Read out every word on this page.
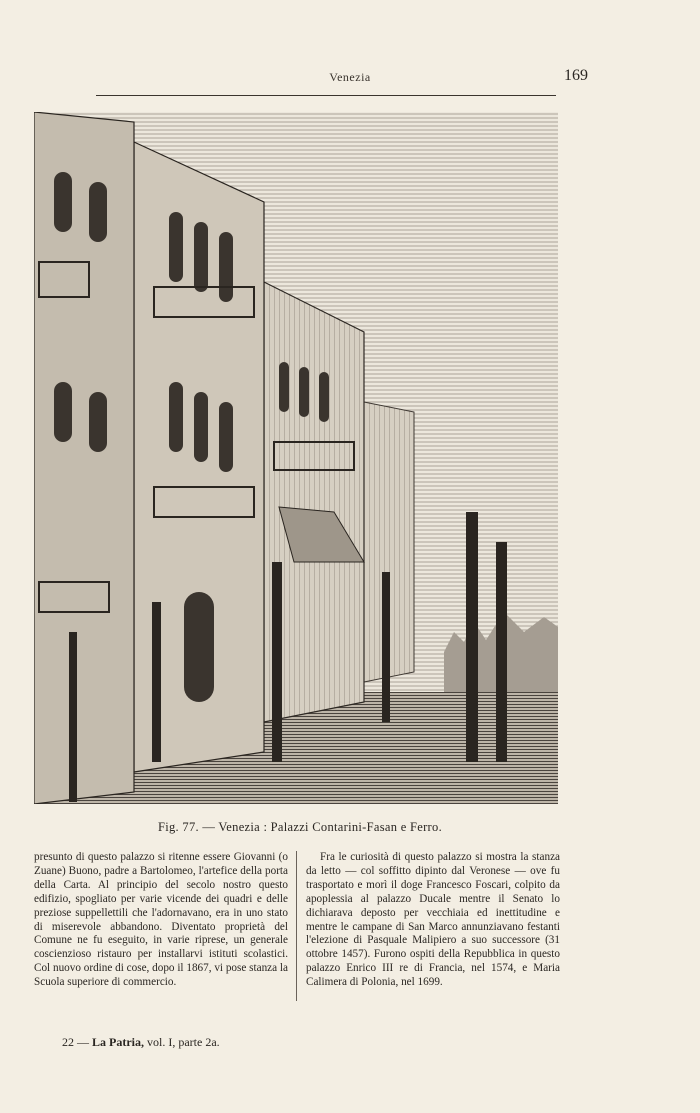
Venezia	169
Fig. 77. — Venezia : Palazzi Contarini-Fasan e Ferro.
presunto di questo palazzo si ritenne essere Giovanni (o Zuane) Buono, padre a Bartolomeo, l'artefice della porta della Carta. Al principio del secolo nostro questo edifizio, spogliato per varie vicende dei quadri e delle preziose suppellettili che l'adornavano, era in uno stato di miserevole abbandono. Diventato proprietà del Comune ne fu eseguito, in varie riprese, un generale coscienzioso ristauro per installarvi istituti scolastici. Col nuovo ordine di cose, dopo il 1867, vi pose stanza la Scuola superiore di commercio.
Fra le curiosità di questo palazzo si mostra la stanza da letto — col soffitto dipinto dal Veronese — ove fu trasportato e morì il doge Francesco Foscari, colpito da apoplessia al palazzo Ducale mentre il Senato lo dichiarava deposto per vecchiaia ed inettitudine e mentre le campane di San Marco annunziavano festanti l'elezione di Pasquale Malipiero a suo successore (31 ottobre 1457). Furono ospiti della Repubblica in questo palazzo Enrico III re di Francia, nel 1574, e Maria Calimera di Polonia, nel 1699.
22 — La Patria, vol. I, parte 2a.
